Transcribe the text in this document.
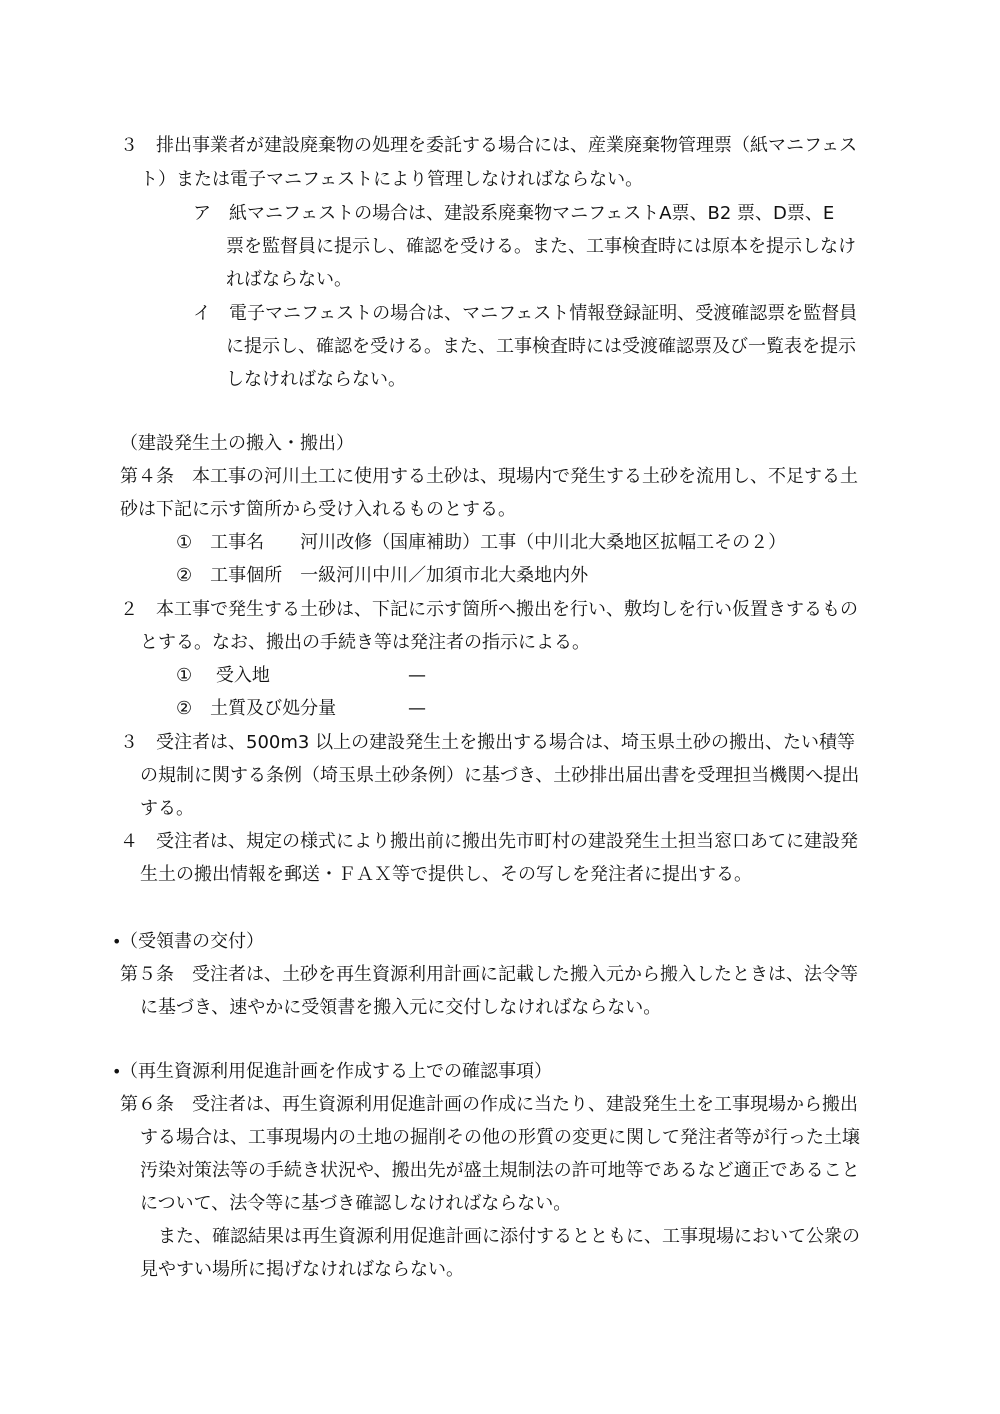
３　排出事業者が建設廃棄物の処理を委託する場合には、産業廃棄物管理票（紙マニフェス
ト）または電子マニフェストにより管理しなければならない。
ア　紙マニフェストの場合は、建設系廃棄物マニフェストA票、B2 票、D票、E
票を監督員に提示し、確認を受ける。また、工事検査時には原本を提示しなけ
ればならない。
イ　電子マニフェストの場合は、マニフェスト情報登録証明、受渡確認票を監督員
に提示し、確認を受ける。また、工事検査時には受渡確認票及び一覧表を提示
しなければならない。
（建設発生土の搬入・搬出）
第４条　本工事の河川土工に使用する土砂は、現場内で発生する土砂を流用し、不足する土
砂は下記に示す箇所から受け入れるものとする。
①　工事名　　河川改修（国庫補助）工事（中川北大桑地区拡幅工その２）
②　工事個所　一級河川中川／加須市北大桑地内外
２　本工事で発生する土砂は、下記に示す箇所へ搬出を行い、敷均しを行い仮置きするもの
とする。なお、搬出の手続き等は発注者の指示による。
①　 受入地	—
②　土質及び処分量	—
３　受注者は、500m3 以上の建設発生土を搬出する場合は、埼玉県土砂の搬出、たい積等
の規制に関する条例（埼玉県土砂条例）に基づき、土砂排出届出書を受理担当機関へ提出
する。
４　受注者は、規定の様式により搬出前に搬出先市町村の建設発生土担当窓口あてに建設発
生土の搬出情報を郵送・ＦＡＸ等で提供し、その写しを発注者に提出する。
•
（受領書の交付）
第５条　受注者は、土砂を再生資源利用計画に記載した搬入元から搬入したときは、法令等
に基づき、速やかに受領書を搬入元に交付しなければならない。
•
（再生資源利用促進計画を作成する上での確認事項）
第６条　受注者は、再生資源利用促進計画の作成に当たり、建設発生土を工事現場から搬出
する場合は、工事現場内の土地の掘削その他の形質の変更に関して発注者等が行った土壌
汚染対策法等の手続き状況や、搬出先が盛土規制法の許可地等であるなど適正であること
について、法令等に基づき確認しなければならない。
また、確認結果は再生資源利用促進計画に添付するとともに、工事現場において公衆の
見やすい場所に掲げなければならない。
